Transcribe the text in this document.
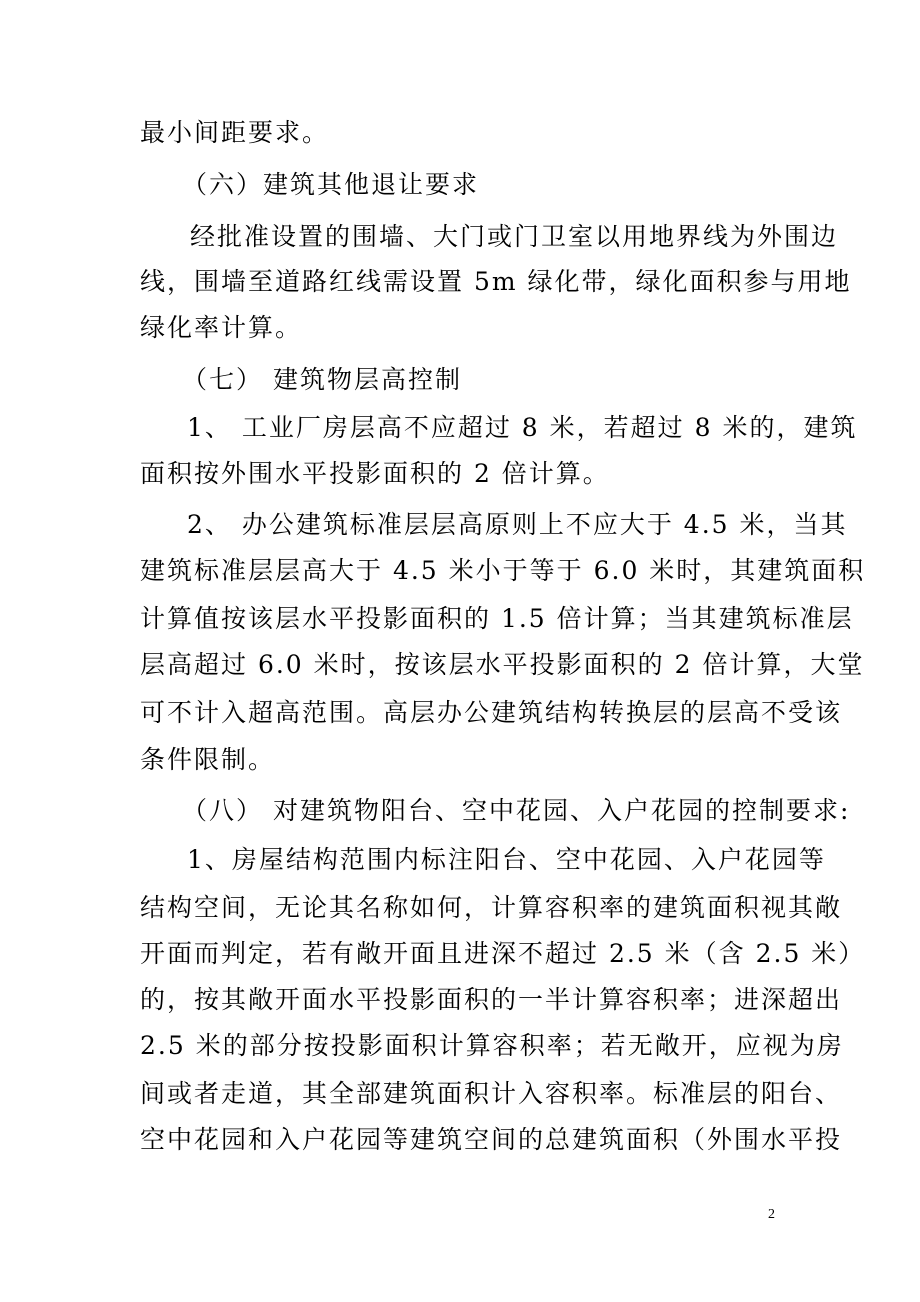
最小间距要求。
（六）建筑其他退让要求
经批准设置的围墙、大门或门卫室以用地界线为外围边
线，围墙至道路红线需设置 5m 绿化带，绿化面积参与用地
绿化率计算。
（七） 建筑物层高控制
1、 工业厂房层高不应超过 8 米，若超过 8 米的，建筑
面积按外围水平投影面积的 2 倍计算。
2、 办公建筑标准层层高原则上不应大于 4.5 米，当其
建筑标准层层高大于 4.5 米小于等于 6.0 米时，其建筑面积
计算值按该层水平投影面积的 1.5 倍计算；当其建筑标准层
层高超过 6.0 米时，按该层水平投影面积的 2 倍计算，大堂
可不计入超高范围。高层办公建筑结构转换层的层高不受该
条件限制。
（八） 对建筑物阳台、空中花园、入户花园的控制要求:
1、房屋结构范围内标注阳台、空中花园、入户花园等
结构空间，无论其名称如何，计算容积率的建筑面积视其敞
开面而判定，若有敞开面且进深不超过 2.5 米（含 2.5 米）
的，按其敞开面水平投影面积的一半计算容积率；进深超出
2.5 米的部分按投影面积计算容积率；若无敞开，应视为房
间或者走道，其全部建筑面积计入容积率。标准层的阳台、
空中花园和入户花园等建筑空间的总建筑面积（外围水平投
2
